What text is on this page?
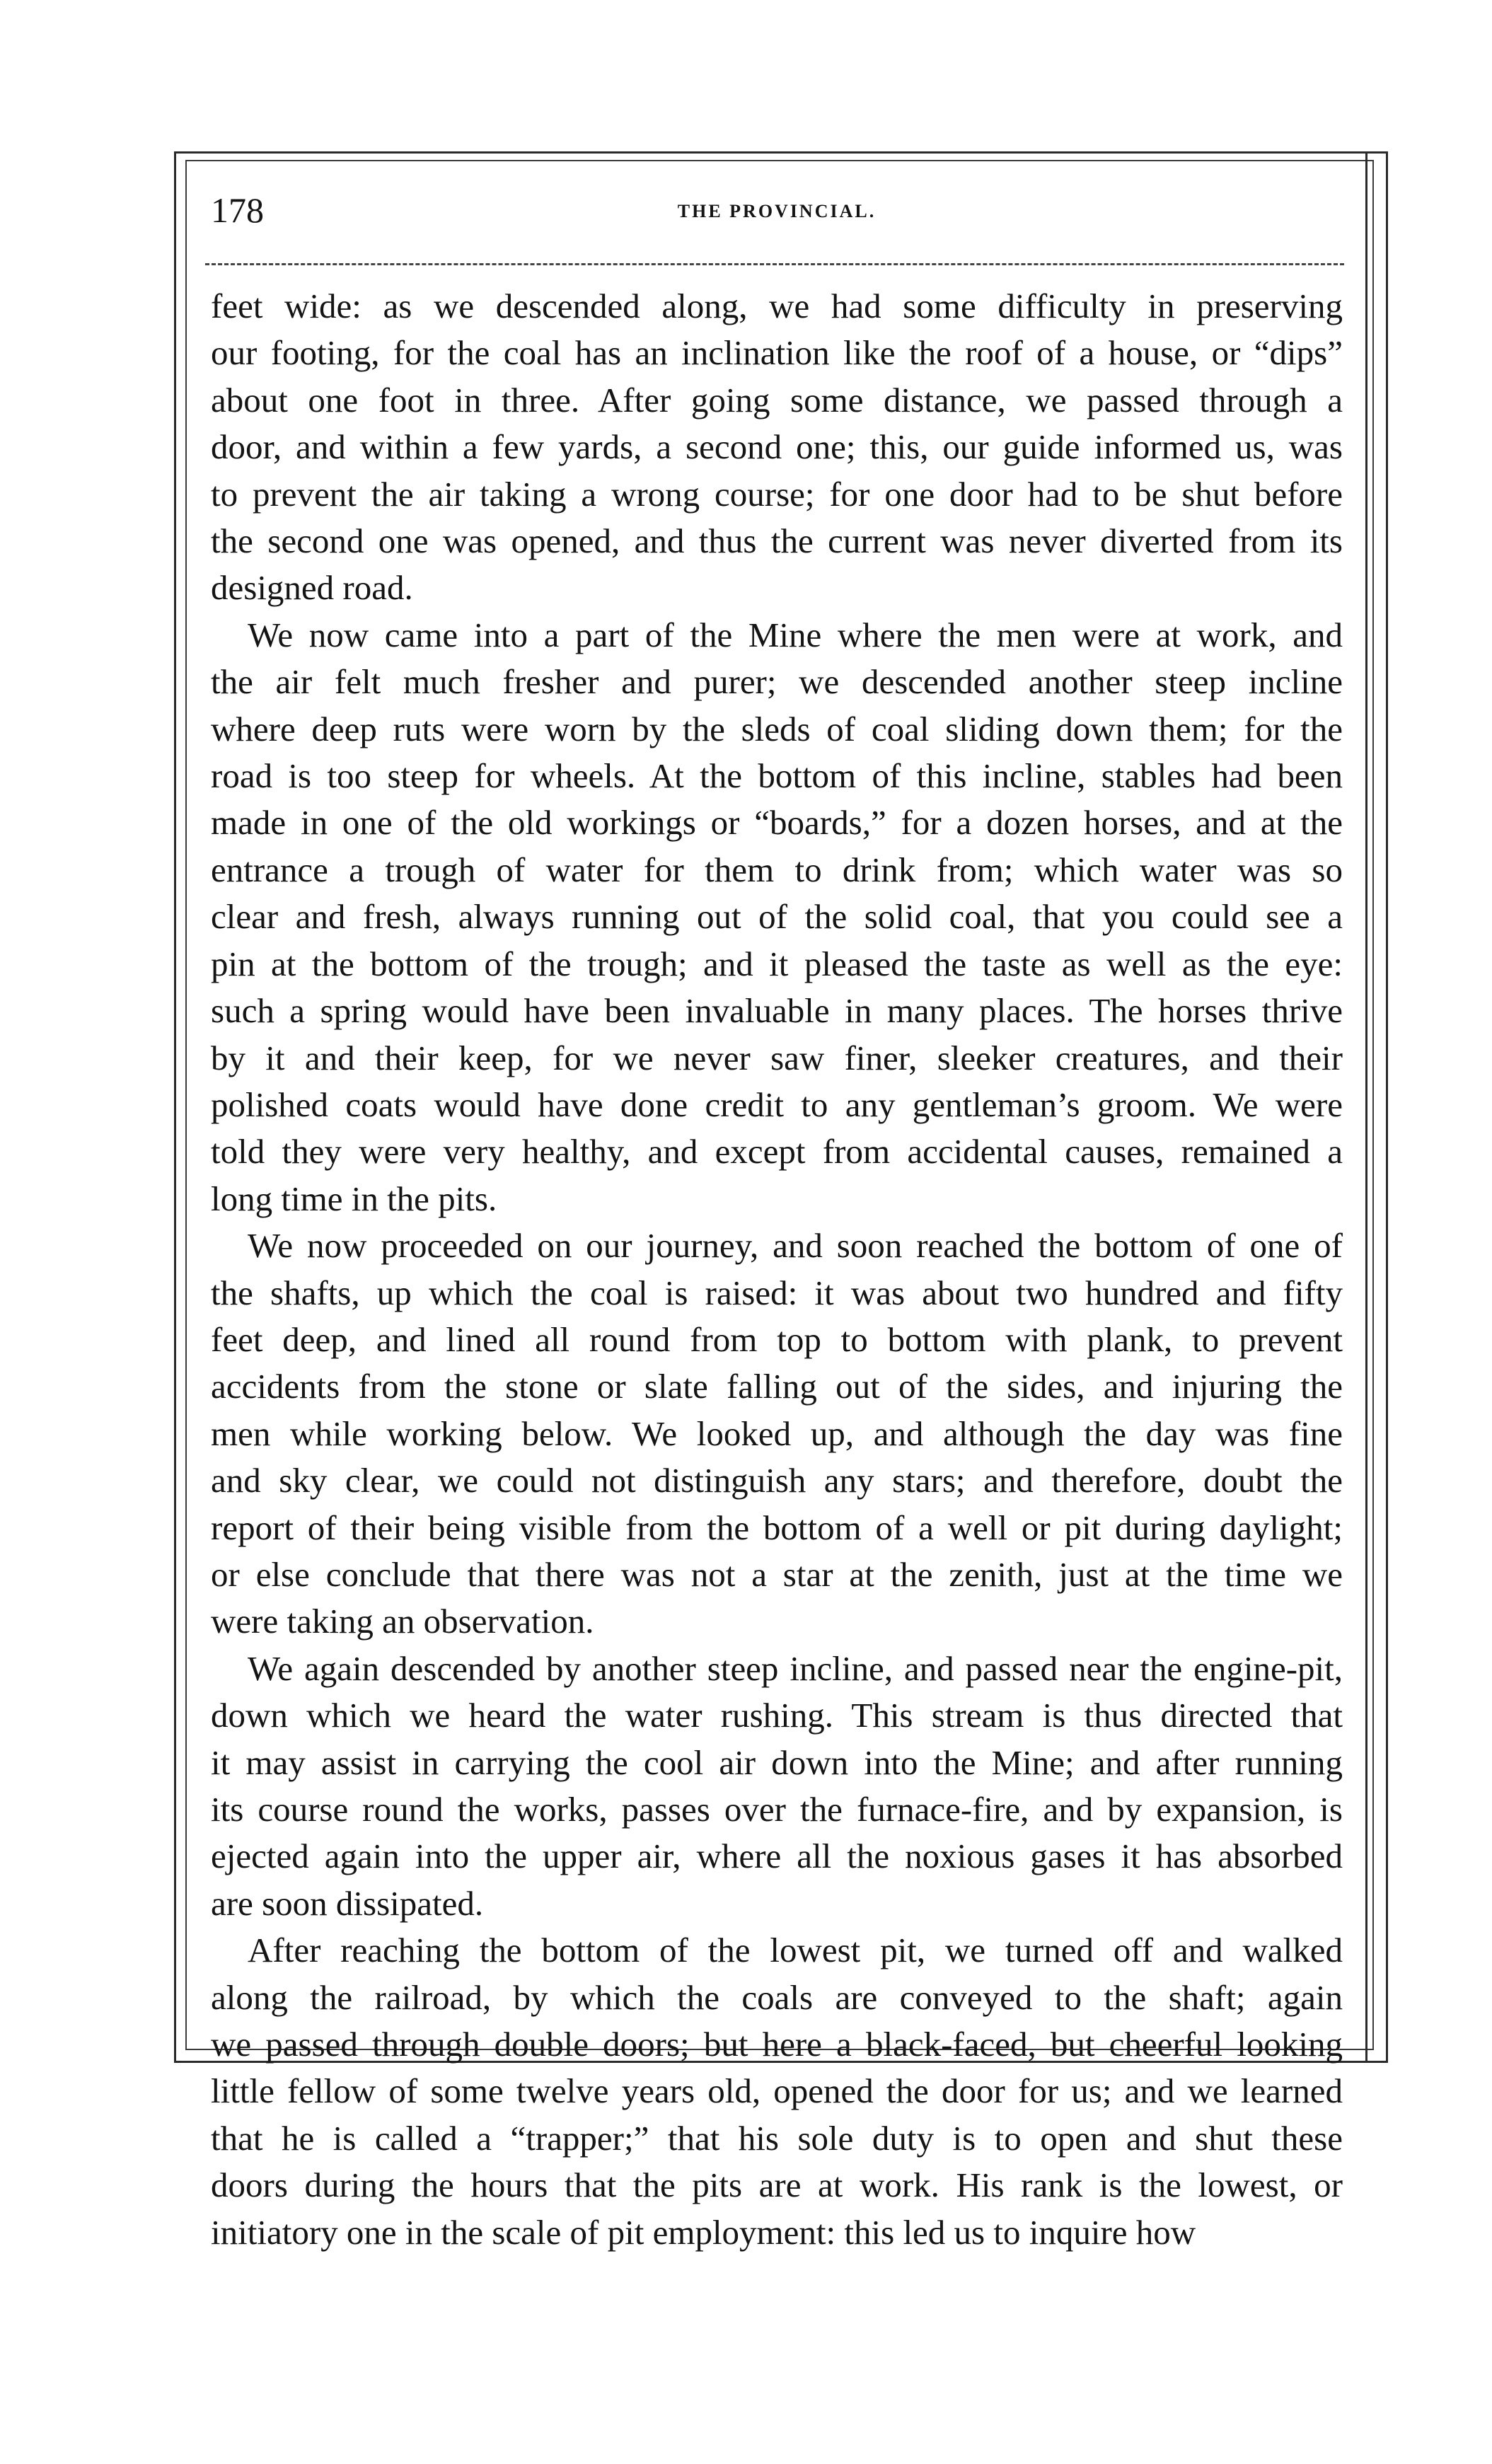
178	THE PROVINCIAL.

feet wide: as we descended along, we had some difficulty in preserving
our footing, for the coal has an inclination like the roof of a house, or “dips”
about one foot in three. After going some distance, we passed through a
door, and within a few yards, a second one; this, our guide informed us, was
to prevent the air taking a wrong course; for one door had to be shut before
the second one was opened, and thus the current was never diverted from its
designed road.

We now came into a part of the Mine where the men were at work, and
the air felt much fresher and purer; we descended another steep incline
where deep ruts were worn by the sleds of coal sliding down them; for the
road is too steep for wheels. At the bottom of this incline, stables had been
made in one of the old workings or “boards,” for a dozen horses, and at the
entrance a trough of water for them to drink from; which water was so
clear and fresh, always running out of the solid coal, that you could see a
pin at the bottom of the trough; and it pleased the taste as well as the eye:
such a spring would have been invaluable in many places. The horses thrive
by it and their keep, for we never saw finer, sleeker creatures, and their
polished coats would have done credit to any gentleman’s groom. We were
told they were very healthy, and except from accidental causes, remained a
long time in the pits.

We now proceeded on our journey, and soon reached the bottom of one of
the shafts, up which the coal is raised: it was about two hundred and fifty
feet deep, and lined all round from top to bottom with plank, to prevent
accidents from the stone or slate falling out of the sides, and injuring the
men while working below. We looked up, and although the day was fine
and sky clear, we could not distinguish any stars; and therefore, doubt the
report of their being visible from the bottom of a well or pit during daylight;
or else conclude that there was not a star at the zenith, just at the time we
were taking an observation.

We again descended by another steep incline, and passed near the engine-pit,
down which we heard the water rushing. This stream is thus directed that
it may assist in carrying the cool air down into the Mine; and after running
its course round the works, passes over the furnace-fire, and by expansion, is
ejected again into the upper air, where all the noxious gases it has absorbed
are soon dissipated.

After reaching the bottom of the lowest pit, we turned off and walked
along the railroad, by which the coals are conveyed to the shaft; again
we passed through double doors; but here a black-faced, but cheerful looking
little fellow of some twelve years old, opened the door for us; and we learned
that he is called a “trapper;” that his sole duty is to open and shut these
doors during the hours that the pits are at work. His rank is the lowest, or
initiatory one in the scale of pit employment: this led us to inquire how
